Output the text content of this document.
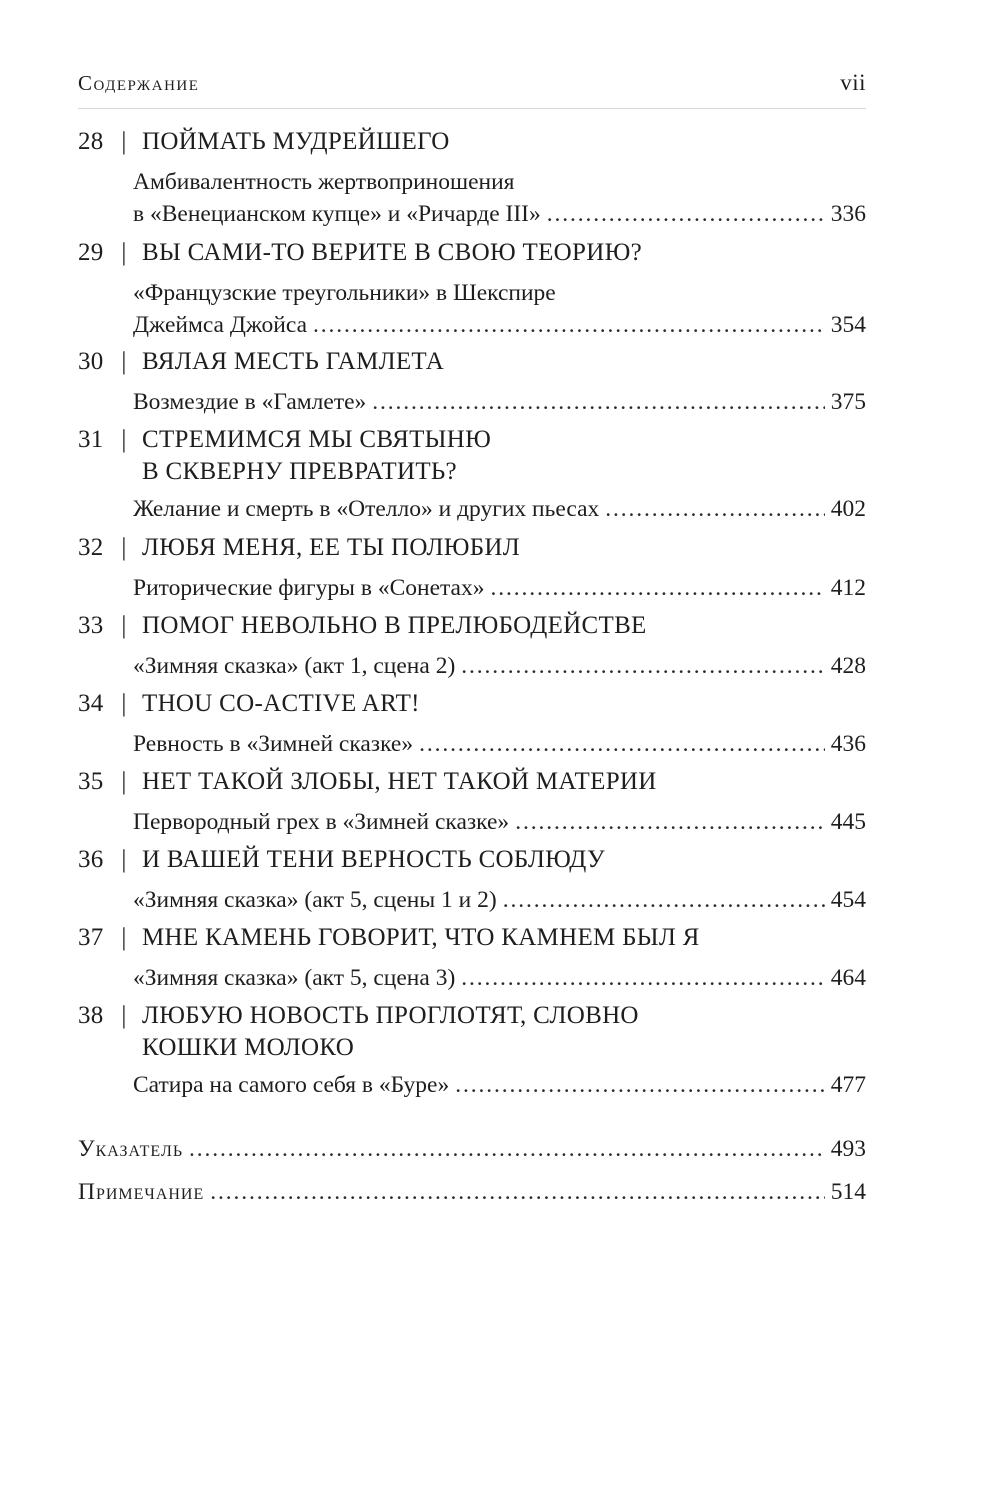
Содержание	vii
28 | ПОЙМАТЬ МУДРЕЙШЕГО
Амбивалентность жертвоприношения
в «Венецианском купце» и «Ричарде III» . . .	336
29 | ВЫ САМИ-ТО ВЕРИТЕ В СВОЮ ТЕОРИЮ?
«Французские треугольники» в Шекспире
Джеймса Джойса . . .	354
30 | ВЯЛАЯ МЕСТЬ ГАМЛЕТА
Возмездие в «Гамлете» . . .	375
31 | СТРЕМИМСЯ МЫ СВЯТЫНЮ
В СКВЕРНУ ПРЕВРАТИТЬ?
Желание и смерть в «Отелло» и других пьесах . . .	402
32 | ЛЮБЯ МЕНЯ, ЕЕ ТЫ ПОЛЮБИЛ
Риторические фигуры в «Сонетах» . . .	412
33 | ПОМОГ НЕВОЛЬНО В ПРЕЛЮБОДЕЙСТВЕ
«Зимняя сказка» (акт 1, сцена 2) . . .	428
34 | THOU CO-ACTIVE ART!
Ревность в «Зимней сказке» . . .	436
35 | НЕТ ТАКОЙ ЗЛОБЫ, НЕТ ТАКОЙ МАТЕРИИ
Первородный грех в «Зимней сказке» . . .	445
36 | И ВАШЕЙ ТЕНИ ВЕРНОСТЬ СОБЛЮДУ
«Зимняя сказка» (акт 5, сцены 1 и 2) . . .	454
37 | МНЕ КАМЕНЬ ГОВОРИТ, ЧТО КАМНЕМ БЫЛ Я
«Зимняя сказка» (акт 5, сцена 3) . . .	464
38 | ЛЮБУЮ НОВОСТЬ ПРОГЛОТЯТ, СЛОВНО
КОШКИ МОЛОКО
Сатира на самого себя в «Буре» . . .	477
Указатель . . .	493
Примечание . . .	514
